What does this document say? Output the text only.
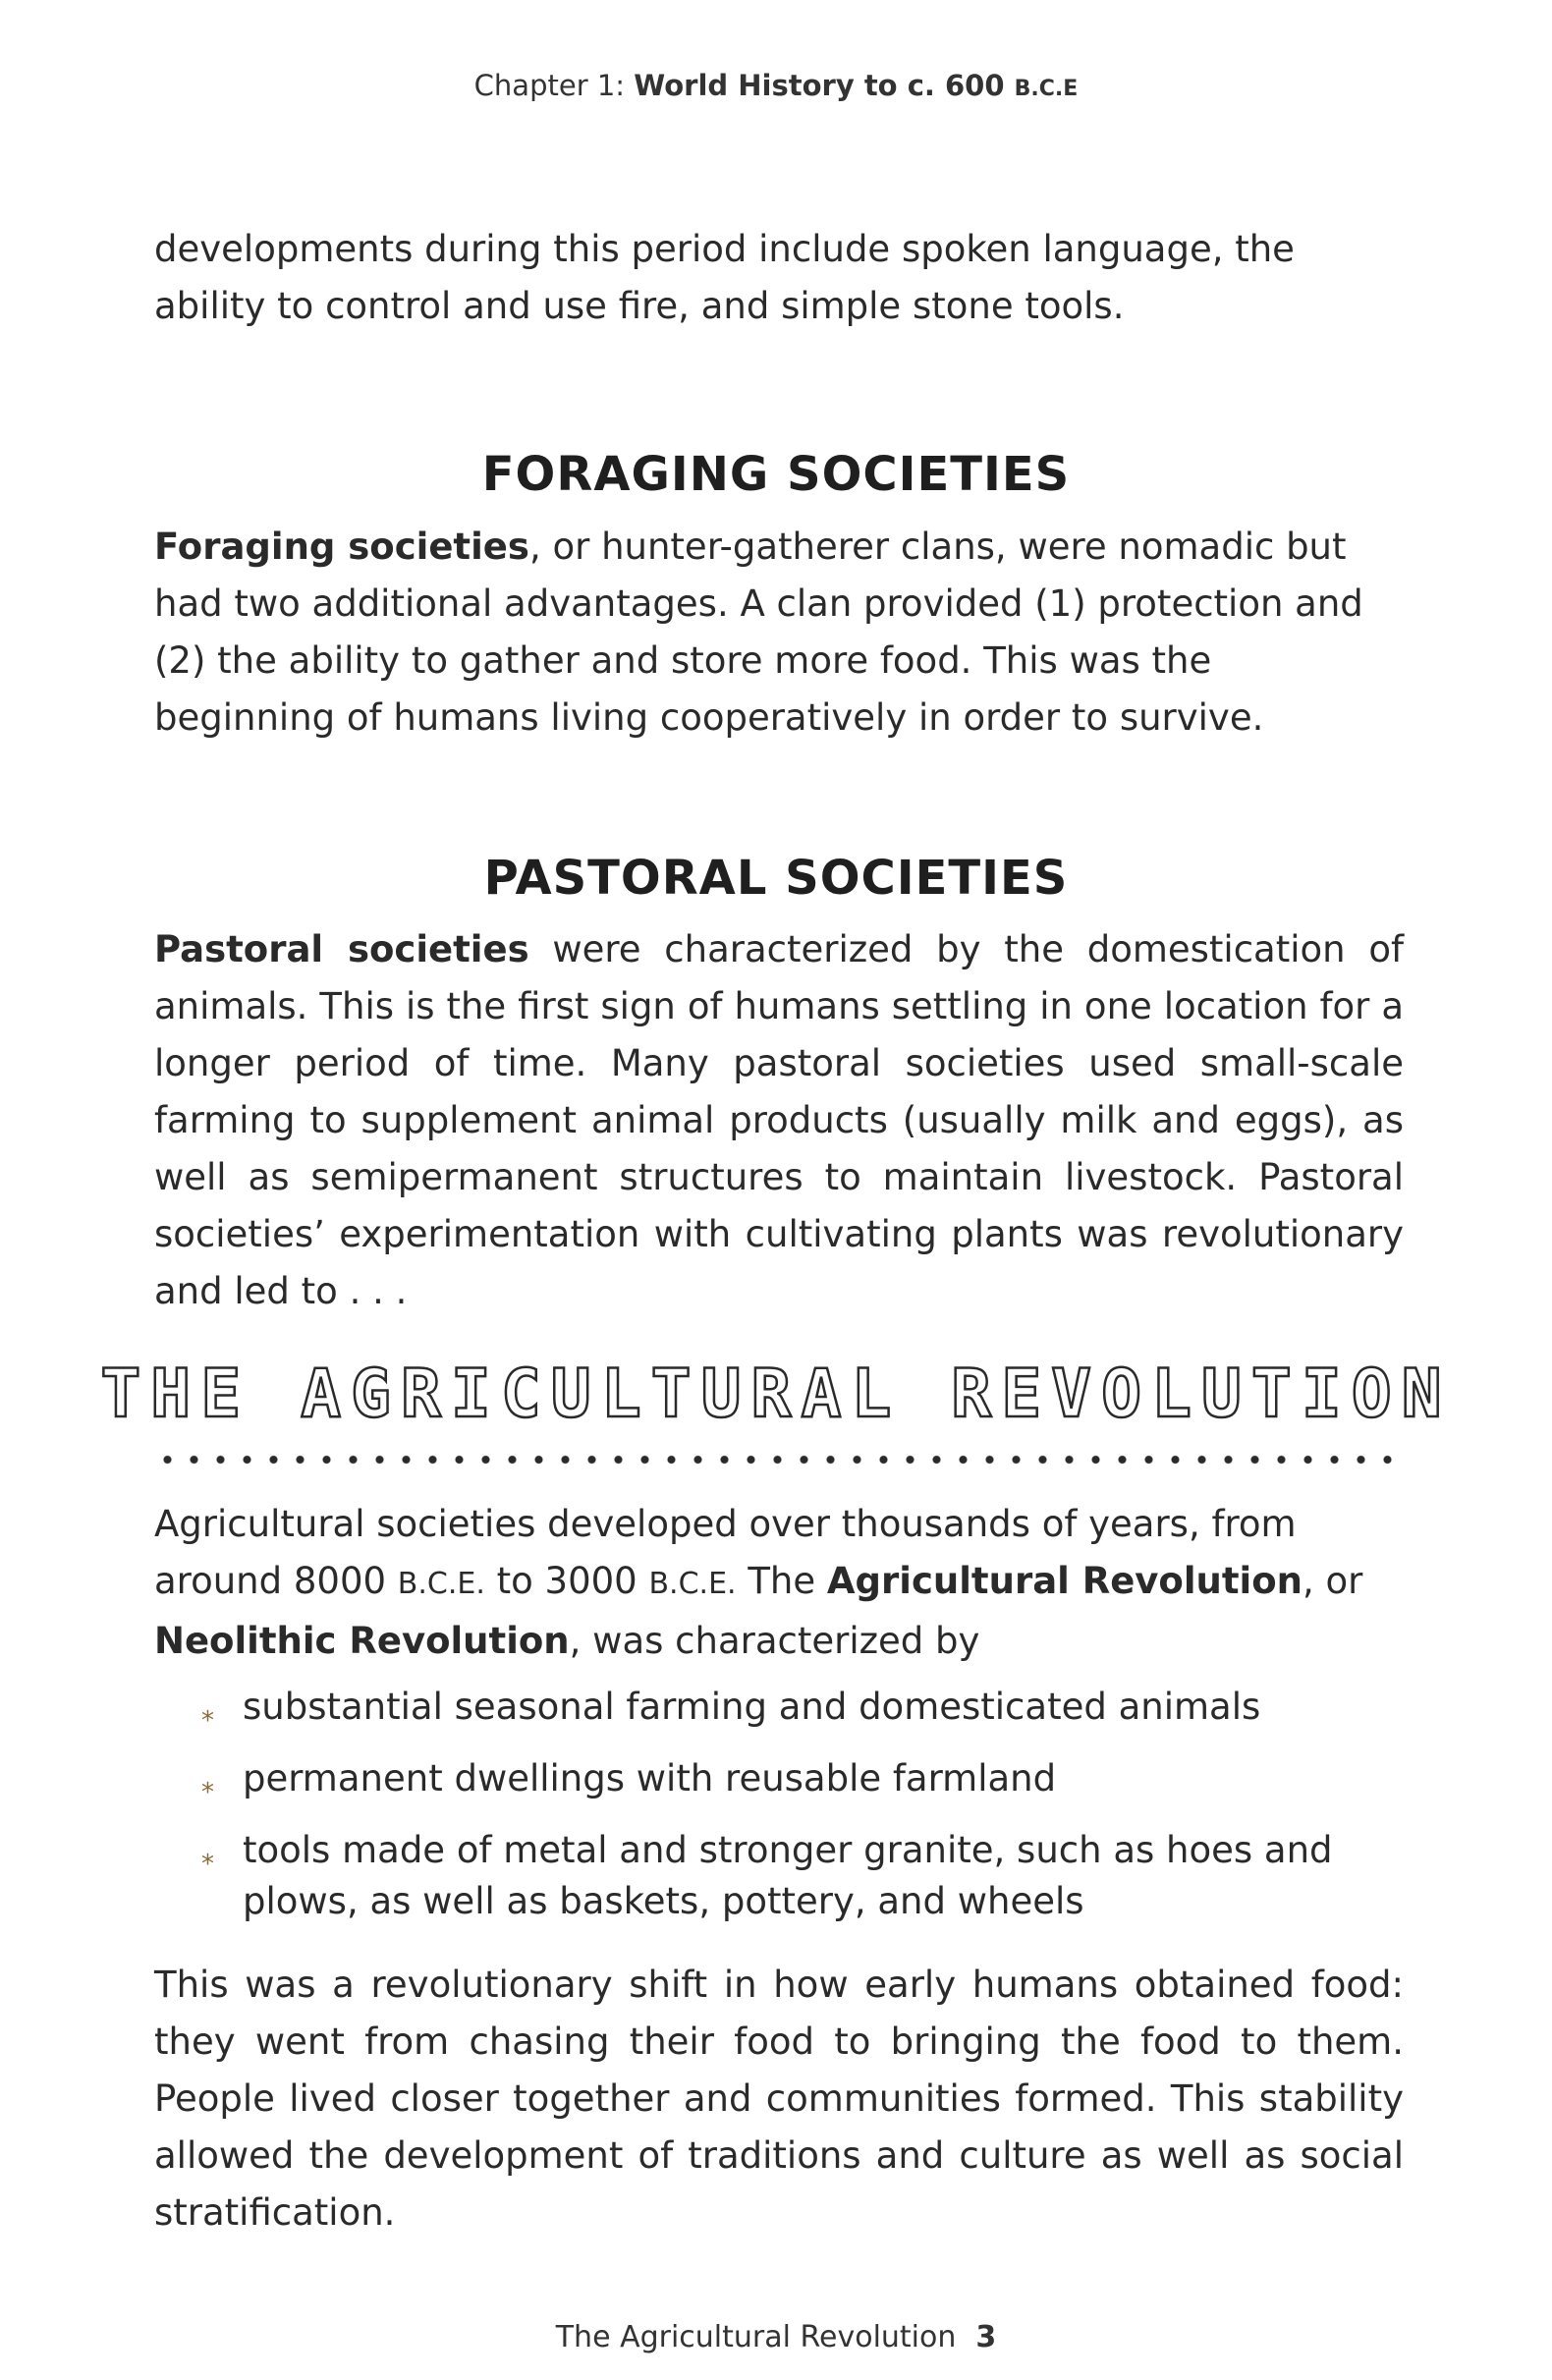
Chapter 1: World History to c. 600 B.C.E

developments during this period include spoken language, the ability to control and use fire, and simple stone tools.

FORAGING SOCIETIES

Foraging societies, or hunter-gatherer clans, were nomadic but had two additional advantages. A clan provided (1) protection and (2) the ability to gather and store more food. This was the beginning of humans living cooperatively in order to survive.

PASTORAL SOCIETIES

Pastoral societies were characterized by the domestication of animals. This is the first sign of humans settling in one location for a longer period of time. Many pastoral societies used small-scale farming to supplement animal products (usually milk and eggs), as well as semipermanent structures to maintain livestock. Pastoral societies’ experimentation with cultivating plants was revolutionary and led to . . .

THE AGRICULTURAL REVOLUTION

Agricultural societies developed over thousands of years, from around 8000 B.C.E. to 3000 B.C.E. The Agricultural Revolution, or Neolithic Revolution, was characterized by

⁎ substantial seasonal farming and domesticated animals
⁎ permanent dwellings with reusable farmland
⁎ tools made of metal and stronger granite, such as hoes and plows, as well as baskets, pottery, and wheels

This was a revolutionary shift in how early humans obtained food: they went from chasing their food to bringing the food to them. People lived closer together and communities formed. This stability allowed the development of traditions and culture as well as social stratification.

The Agricultural Revolution 3
